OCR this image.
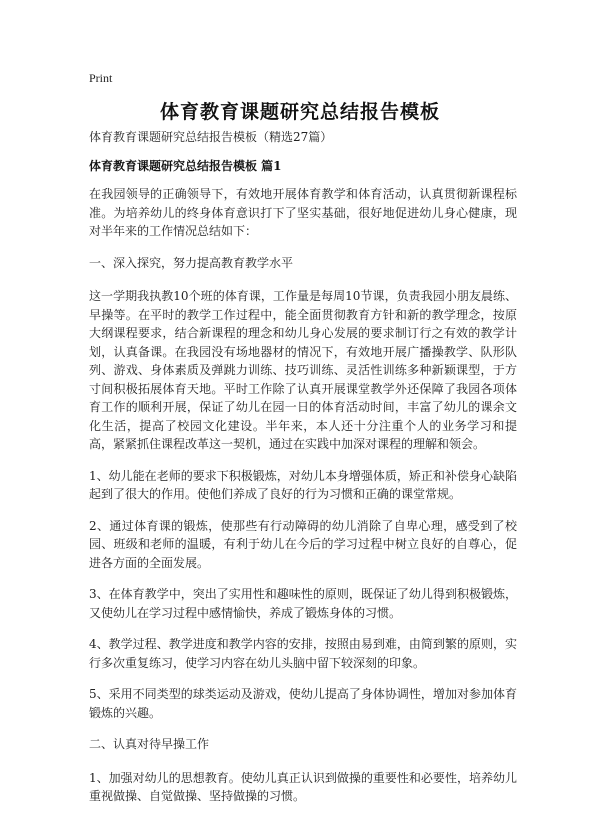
Print
体育教育课题研究总结报告模板

体育教育课题研究总结报告模板（精选27篇）

体育教育课题研究总结报告模板 篇1

在我园领导的正确领导下，有效地开展体育教学和体育活动，认真贯彻新课程标准。为培养幼儿的终身体育意识打下了坚实基础，很好地促进幼儿身心健康，现对半年来的工作情况总结如下：

一、深入探究，努力提高教育教学水平

这一学期我执教10个班的体育课，工作量是每周10节课，负责我园小朋友晨练、早操等。在平时的教学工作过程中，能全面贯彻教育方针和新的教学理念，按原大纲课程要求，结合新课程的理念和幼儿身心发展的要求制订行之有效的教学计划，认真备课。在我园没有场地器材的情况下，有效地开展广播操教学、队形队列、游戏、身体素质及弹跳力训练、技巧训练、灵活性训练多种新颖课型，于方寸间积极拓展体育天地。平时工作除了认真开展课堂教学外还保障了我园各项体育工作的顺利开展，保证了幼儿在园一日的体育活动时间，丰富了幼儿的课余文化生活，提高了校园文化建设。半年来，本人还十分注重个人的业务学习和提高，紧紧抓住课程改革这一契机，通过在实践中加深对课程的理解和领会。

1、幼儿能在老师的要求下积极锻炼，对幼儿本身增强体质，矫正和补偿身心缺陷起到了很大的作用。使他们养成了良好的行为习惯和正确的课堂常规。

2、通过体育课的锻炼，使那些有行动障碍的幼儿消除了自卑心理，感受到了校园、班级和老师的温暖，有利于幼儿在今后的学习过程中树立良好的自尊心，促进各方面的全面发展。

3、在体育教学中，突出了实用性和趣味性的原则，既保证了幼儿得到积极锻炼，又使幼儿在学习过程中感情愉快，养成了锻炼身体的习惯。

4、教学过程、教学进度和教学内容的安排，按照由易到难，由简到繁的原则，实行多次重复练习，使学习内容在幼儿头脑中留下较深刻的印象。

5、采用不同类型的球类运动及游戏，使幼儿提高了身体协调性，增加对参加体育锻炼的兴趣。

二、认真对待早操工作

1、加强对幼儿的思想教育。使幼儿真正认识到做操的重要性和必要性，培养幼儿重视做操、自觉做操、坚持做操的习惯。
